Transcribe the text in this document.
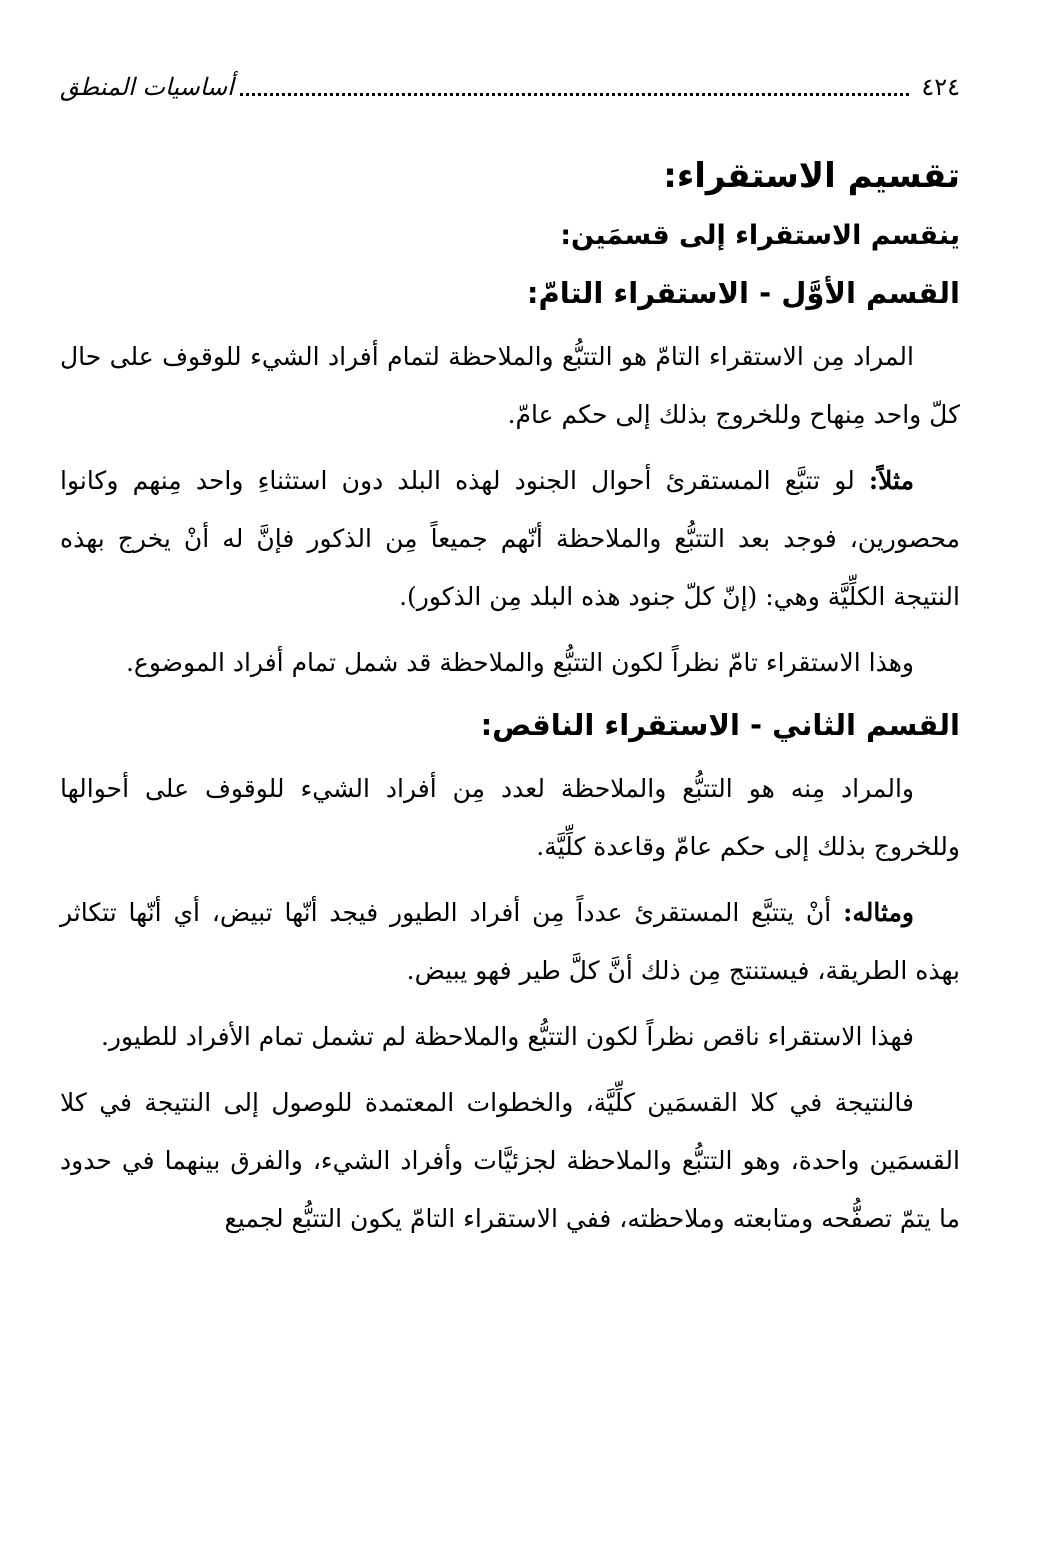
٤٢٤
أساسيات المنطق
تقسيم الاستقراء:
ينقسم الاستقراء إلى قسمَين:
القسم الأوَّل - الاستقراء التامّ:

المراد مِن الاستقراء التامّ هو التتبُّع والملاحظة لتمام أفراد الشيء للوقوف على حال كلّ واحد مِنهاح وللخروج بذلك إلى حكم عامّ.

مثلاً: لو تتبَّع المستقرئ أحوال الجنود لهذه البلد دون استثناءِ واحد مِنهم وكانوا محصورين، فوجد بعد التتبُّع والملاحظة أنّهم جميعاً مِن الذكور فإنَّ له أنْ يخرج بهذه النتيجة الكلِّيَّة وهي: (إنّ كلّ جنود هذه البلد مِن الذكور).

وهذا الاستقراء تامّ نظراً لكون التتبُّع والملاحظة قد شمل تمام أفراد الموضوع.

القسم الثاني - الاستقراء الناقص:

والمراد مِنه هو التتبُّع والملاحظة لعدد مِن أفراد الشيء للوقوف على أحوالها وللخروج بذلك إلى حكم عامّ وقاعدة كلِّيَّة.

ومثاله: أنْ يتتبَّع المستقرئ عدداً مِن أفراد الطيور فيجد أنّها تبيض، أي أنّها تتكاثر بهذه الطريقة، فيستنتج مِن ذلك أنَّ كلَّ طير فهو يبيض.

فهذا الاستقراء ناقص نظراً لكون التتبُّع والملاحظة لم تشمل تمام الأفراد للطيور.

فالنتيجة في كلا القسمَين كلِّيَّة، والخطوات المعتمدة للوصول إلى النتيجة في كلا القسمَين واحدة، وهو التتبُّع والملاحظة لجزئيَّات وأفراد الشيء، والفرق بينهما في حدود ما يتمّ تصفُّحه ومتابعته وملاحظته، ففي الاستقراء التامّ يكون التتبُّع لجميع
